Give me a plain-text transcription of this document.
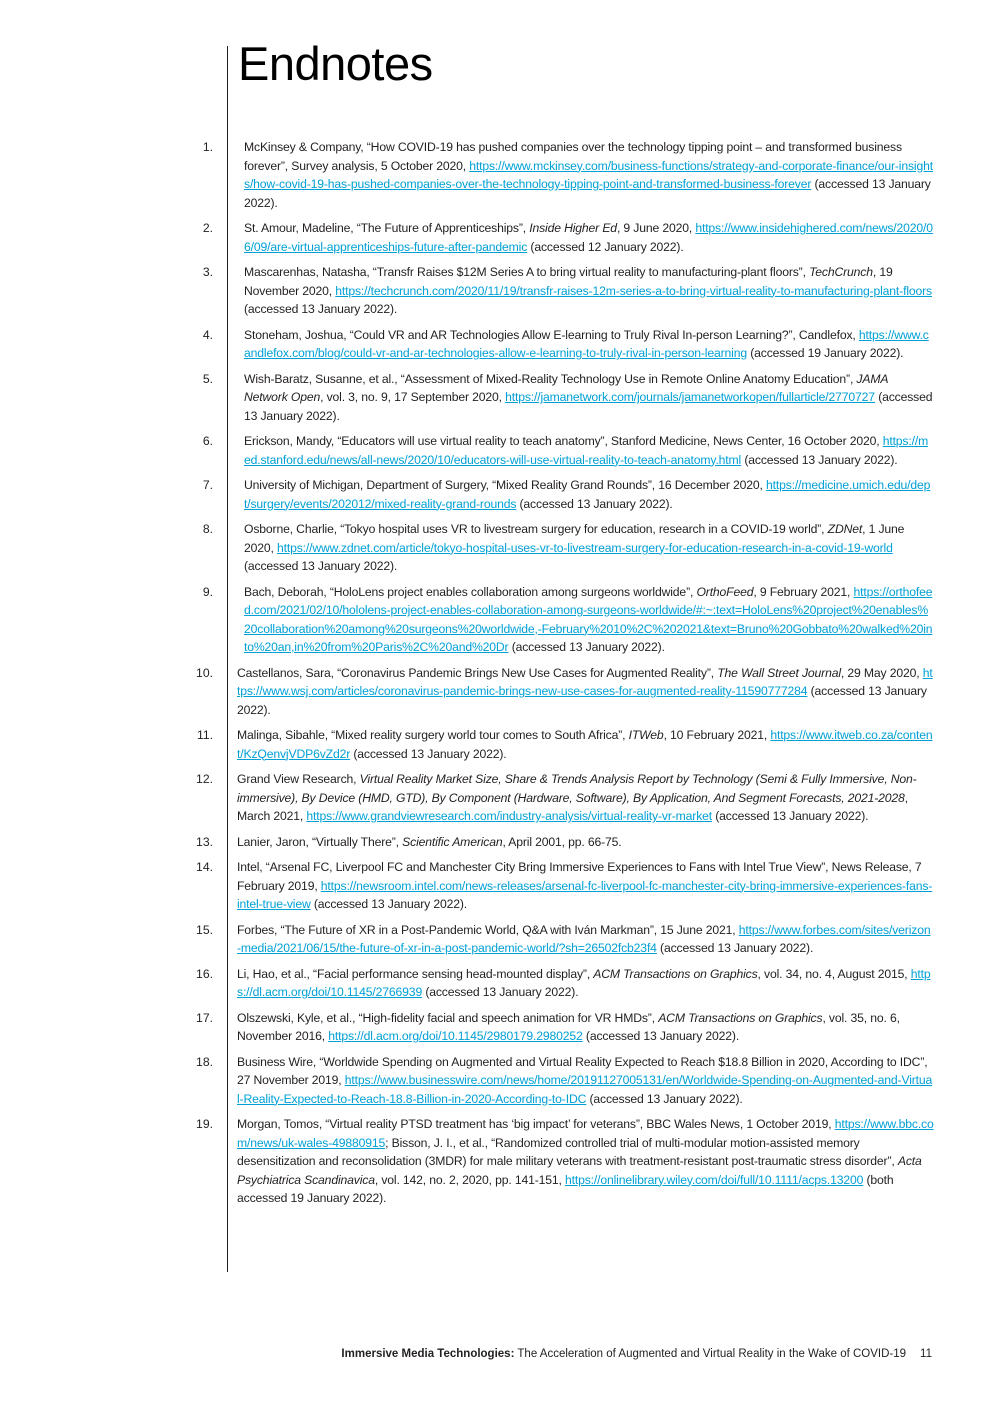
Endnotes
1.	McKinsey & Company, “How COVID-19 has pushed companies over the technology tipping point – and transformed business forever”, Survey analysis, 5 October 2020, https://www.mckinsey.com/business-functions/strategy-and-corporate-finance/our-insights/how-covid-19-has-pushed-companies-over-the-technology-tipping-point-and-transformed-business-forever (accessed 13 January 2022).
2.	St. Amour, Madeline, “The Future of Apprenticeships”, Inside Higher Ed, 9 June 2020, https://www.insidehighered.com/news/2020/06/09/are-virtual-apprenticeships-future-after-pandemic (accessed 12 January 2022).
3.	Mascarenhas, Natasha, “Transfr Raises $12M Series A to bring virtual reality to manufacturing-plant floors”, TechCrunch, 19 November 2020, https://techcrunch.com/2020/11/19/transfr-raises-12m-series-a-to-bring-virtual-reality-to-manufacturing-plant-floors (accessed 13 January 2022).
4.	Stoneham, Joshua, “Could VR and AR Technologies Allow E-learning to Truly Rival In-person Learning?”, Candlefox, https://www.candlefox.com/blog/could-vr-and-ar-technologies-allow-e-learning-to-truly-rival-in-person-learning (accessed 19 January 2022).
5.	Wish-Baratz, Susanne, et al., “Assessment of Mixed-Reality Technology Use in Remote Online Anatomy Education”, JAMA Network Open, vol. 3, no. 9, 17 September 2020, https://jamanetwork.com/journals/jamanetworkopen/fullarticle/2770727 (accessed 13 January 2022).
6.	Erickson, Mandy, “Educators will use virtual reality to teach anatomy”, Stanford Medicine, News Center, 16 October 2020, https://med.stanford.edu/news/all-news/2020/10/educators-will-use-virtual-reality-to-teach-anatomy.html (accessed 13 January 2022).
7.	University of Michigan, Department of Surgery, “Mixed Reality Grand Rounds”, 16 December 2020, https://medicine.umich.edu/dept/surgery/events/202012/mixed-reality-grand-rounds (accessed 13 January 2022).
8.	Osborne, Charlie, “Tokyo hospital uses VR to livestream surgery for education, research in a COVID-19 world”, ZDNet, 1 June 2020, https://www.zdnet.com/article/tokyo-hospital-uses-vr-to-livestream-surgery-for-education-research-in-a-covid-19-world (accessed 13 January 2022).
9.	Bach, Deborah, “HoloLens project enables collaboration among surgeons worldwide”, OrthoFeed, 9 February 2021, https://orthofeed.com/2021/02/10/hololens-project-enables-collaboration-among-surgeons-worldwide/#:~:text=HoloLens%20project%20enables%20collaboration%20among%20surgeons%20worldwide,-February%2010%2C%202021&text=Bruno%20Gobbato%20walked%20into%20an,in%20from%20Paris%2C%20and%20Dr (accessed 13 January 2022).
10. Castellanos, Sara, “Coronavirus Pandemic Brings New Use Cases for Augmented Reality”, The Wall Street Journal, 29 May 2020, https://www.wsj.com/articles/coronavirus-pandemic-brings-new-use-cases-for-augmented-reality-11590777284 (accessed 13 January 2022).
11. Malinga, Sibahle, “Mixed reality surgery world tour comes to South Africa”, ITWeb, 10 February 2021, https://www.itweb.co.za/content/KzQenvjVDP6vZd2r (accessed 13 January 2022).
12. Grand View Research, Virtual Reality Market Size, Share & Trends Analysis Report by Technology (Semi & Fully Immersive, Non-immersive), By Device (HMD, GTD), By Component (Hardware, Software), By Application, And Segment Forecasts, 2021-2028, March 2021, https://www.grandviewresearch.com/industry-analysis/virtual-reality-vr-market (accessed 13 January 2022).
13. Lanier, Jaron, “Virtually There”, Scientific American, April 2001, pp. 66-75.
14. Intel, “Arsenal FC, Liverpool FC and Manchester City Bring Immersive Experiences to Fans with Intel True View”, News Release, 7 February 2019, https://newsroom.intel.com/news-releases/arsenal-fc-liverpool-fc-manchester-city-bring-immersive-experiences-fans-intel-true-view (accessed 13 January 2022).
15. Forbes, “The Future of XR in a Post-Pandemic World, Q&A with Iván Markman”, 15 June 2021, https://www.forbes.com/sites/verizon-media/2021/06/15/the-future-of-xr-in-a-post-pandemic-world/?sh=26502fcb23f4 (accessed 13 January 2022).
16. Li, Hao, et al., “Facial performance sensing head-mounted display”, ACM Transactions on Graphics, vol. 34, no. 4, August 2015, https://dl.acm.org/doi/10.1145/2766939 (accessed 13 January 2022).
17. Olszewski, Kyle, et al., “High-fidelity facial and speech animation for VR HMDs”, ACM Transactions on Graphics, vol. 35, no. 6, November 2016, https://dl.acm.org/doi/10.1145/2980179.2980252 (accessed 13 January 2022).
18. Business Wire, “Worldwide Spending on Augmented and Virtual Reality Expected to Reach $18.8 Billion in 2020, According to IDC”, 27 November 2019, https://www.businesswire.com/news/home/20191127005131/en/Worldwide-Spending-on-Augmented-and-Virtual-Reality-Expected-to-Reach-18.8-Billion-in-2020-According-to-IDC (accessed 13 January 2022).
19. Morgan, Tomos, “Virtual reality PTSD treatment has ‘big impact’ for veterans”, BBC Wales News, 1 October 2019, https://www.bbc.com/news/uk-wales-49880915; Bisson, J. I., et al., “Randomized controlled trial of multi-modular motion-assisted memory desensitization and reconsolidation (3MDR) for male military veterans with treatment-resistant post-traumatic stress disorder”, Acta Psychiatrica Scandinavica, vol. 142, no. 2, 2020, pp. 141-151, https://onlinelibrary.wiley.com/doi/full/10.1111/acps.13200 (both accessed 19 January 2022).
Immersive Media Technologies: The Acceleration of Augmented and Virtual Reality in the Wake of COVID-19 11
